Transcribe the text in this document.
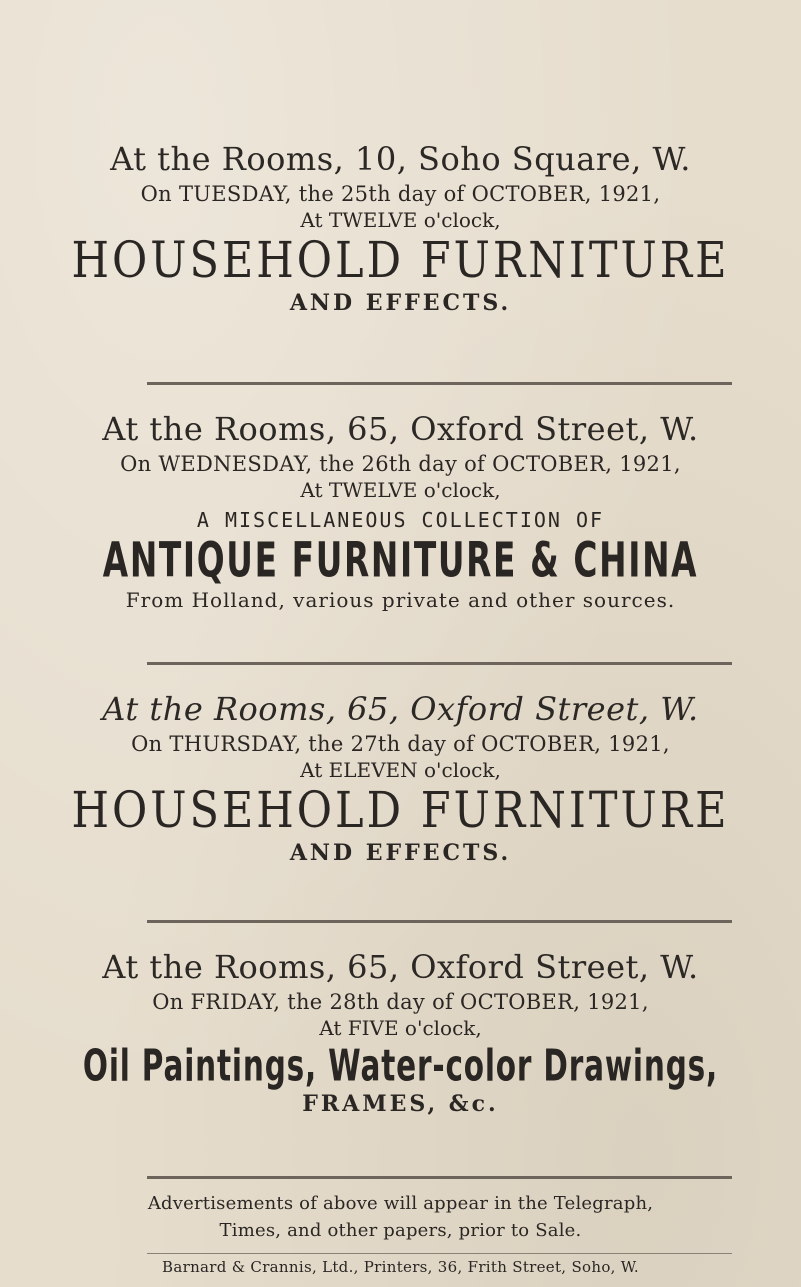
At the Rooms, 10, Soho Square, W.
On TUESDAY, the 25th day of OCTOBER, 1921,
At TWELVE o'clock,
HOUSEHOLD FURNITURE
AND EFFECTS.
At the Rooms, 65, Oxford Street, W.
On WEDNESDAY, the 26th day of OCTOBER, 1921,
At TWELVE o'clock,
A MISCELLANEOUS COLLECTION OF
ANTIQUE FURNITURE & CHINA
From Holland, various private and other sources.
At the Rooms, 65, Oxford Street, W.
On THURSDAY, the 27th day of OCTOBER, 1921,
At ELEVEN o'clock,
HOUSEHOLD FURNITURE
AND EFFECTS.
At the Rooms, 65, Oxford Street, W.
On FRIDAY, the 28th day of OCTOBER, 1921,
At FIVE o'clock,
Oil Paintings, Water-color Drawings,
FRAMES, &c.
Advertisements of above will appear in the Telegraph,
Times, and other papers, prior to Sale.
Barnard & Crannis, Ltd., Printers, 36, Frith Street, Soho, W.
